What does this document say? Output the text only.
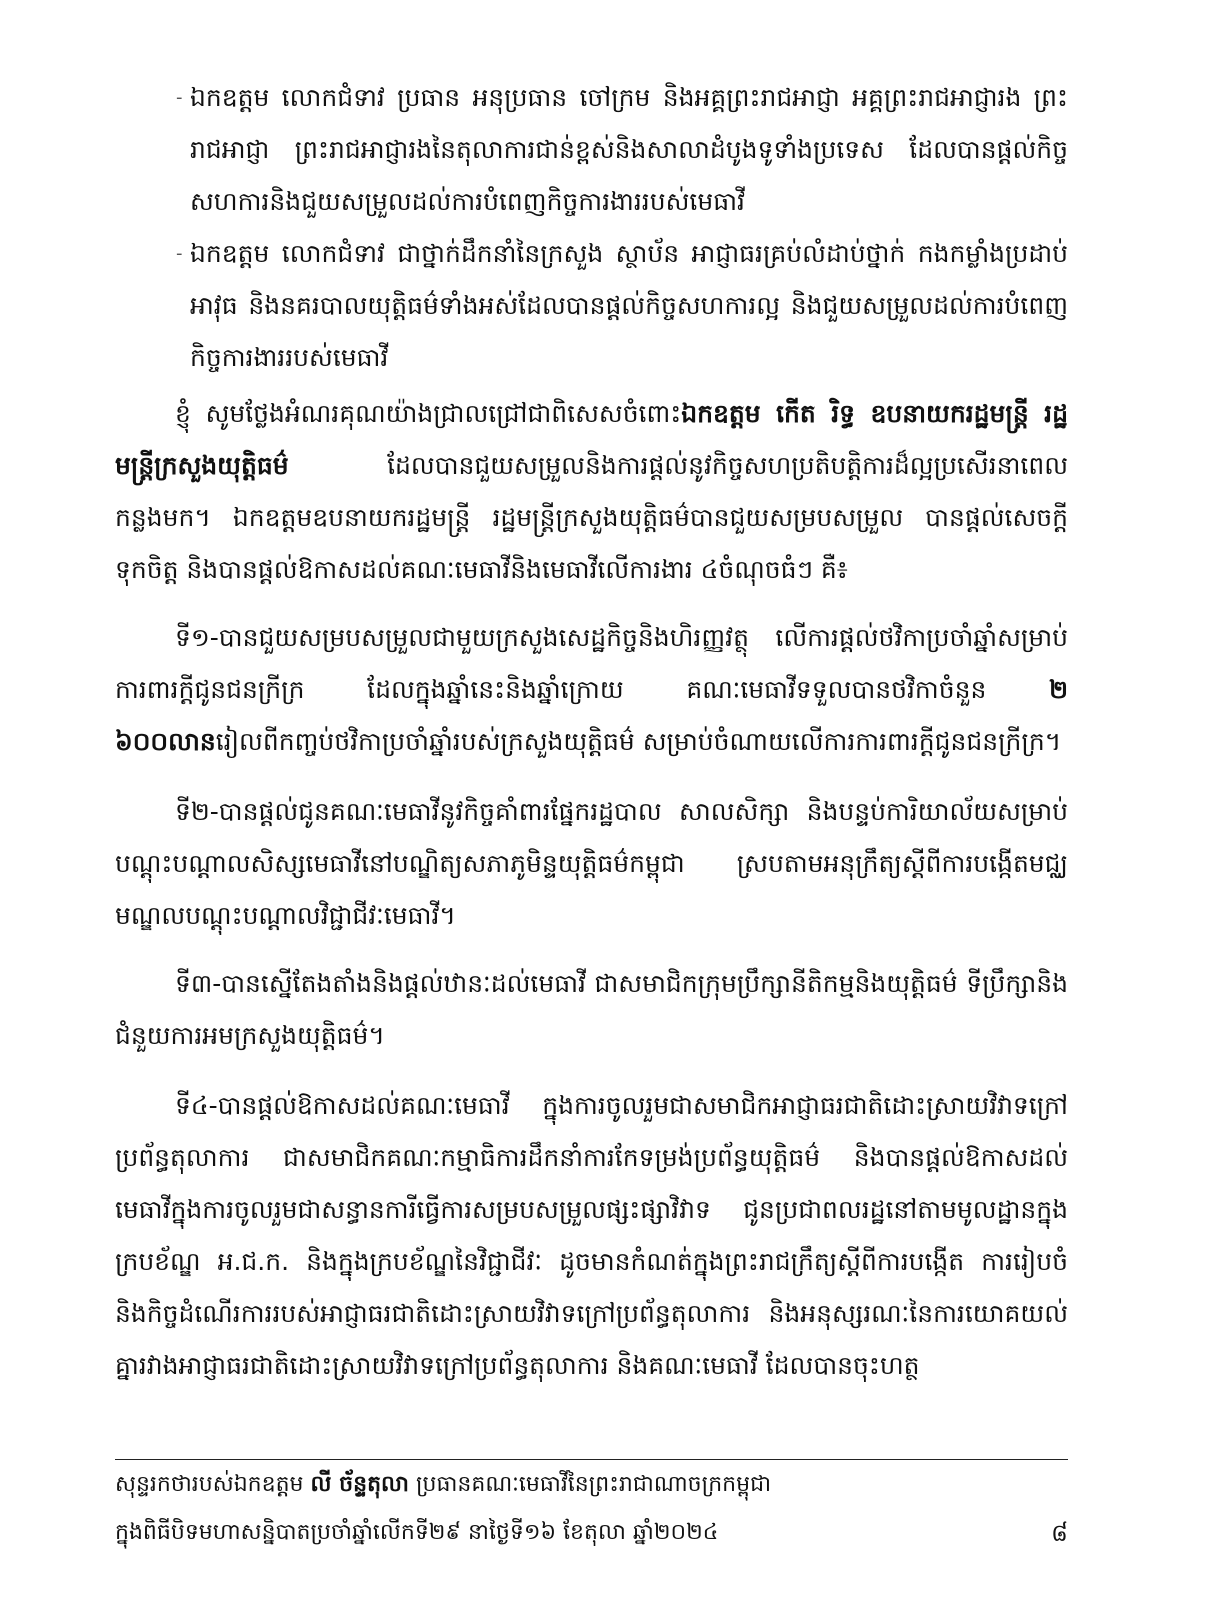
- ឯកឧត្តម លោកជំទាវ ប្រធាន អនុប្រធាន ចៅក្រម និងអគ្គព្រះរាជអាជ្ញា អគ្គព្រះរាជអាជ្ញារង ព្រះរាជអាជ្ញា ព្រះរាជអាជ្ញារងនៃតុលាការជាន់ខ្ពស់និងសាលាដំបូងទូទាំងប្រទេស ដែលបានផ្តល់កិច្ចសហការនិងជួយសម្រួលដល់ការបំពេញកិច្ចការងាររបស់មេធាវី
- ឯកឧត្តម លោកជំទាវ ជាថ្នាក់ដឹកនាំនៃក្រសួង ស្ថាប័ន អាជ្ញាធរគ្រប់លំដាប់ថ្នាក់ កងកម្លាំងប្រដាប់អាវុធ និងនគរបាលយុត្តិធម៌ទាំងអស់ដែលបានផ្តល់កិច្ចសហការល្អ និងជួយសម្រួលដល់ការបំពេញកិច្ចការងាររបស់មេធាវី
ខ្ញុំ សូមថ្លែងអំណរគុណយ៉ាងជ្រាលជ្រៅជាពិសេសចំពោះឯកឧត្តម កើត រិទ្ធ ឧបនាយករដ្ឋមន្ត្រី រដ្ឋមន្ត្រីក្រសួងយុត្តិធម៌ ដែលបានជួយសម្រួលនិងការផ្តល់នូវកិច្ចសហប្រតិបត្តិការដ៏ល្អប្រសើរនាពេលកន្លងមក។ ឯកឧត្តមឧបនាយករដ្ឋមន្ត្រី រដ្ឋមន្ត្រីក្រសួងយុត្តិធម៌បានជួយសម្របសម្រួល បានផ្តល់សេចក្តីទុកចិត្ត និងបានផ្តល់ឱកាសដល់គណៈមេធាវីនិងមេធាវីលើការងារ ៤ចំណុចធំៗ គឺ៖
ទី១-បានជួយសម្របសម្រួលជាមួយក្រសួងសេដ្ឋកិច្ចនិងហិរញ្ញវត្ថុ លើការផ្តល់ថវិកាប្រចាំឆ្នាំសម្រាប់ការពារក្តីជូនជនក្រីក្រ ដែលក្នុងឆ្នាំនេះនិងឆ្នាំក្រោយ គណៈមេធាវីទទួលបានថវិកាចំនួន ២ ៦០០លានរៀលពីកញ្ចប់ថវិកាប្រចាំឆ្នាំរបស់ក្រសួងយុត្តិធម៌ សម្រាប់ចំណាយលើការការពារក្តីជូនជនក្រីក្រ។
ទី២-បានផ្តល់ជូនគណៈមេធាវីនូវកិច្ចគាំពារផ្នែករដ្ឋបាល សាលសិក្សា និងបន្ទប់ការិយាល័យសម្រាប់បណ្តុះបណ្តាលសិស្សមេធាវីនៅបណ្ឌិត្យសភាភូមិន្ទយុត្តិធម៌កម្ពុជា ស្របតាមអនុក្រឹត្យស្តីពីការបង្កើតមជ្ឈមណ្ឌលបណ្តុះបណ្តាលវិជ្ជាជីវៈមេធាវី។
ទី៣-បានស្នើតែងតាំងនិងផ្តល់ឋានៈដល់មេធាវី ជាសមាជិកក្រុមប្រឹក្សានីតិកម្មនិងយុត្តិធម៌ ទីប្រឹក្សានិងជំនួយការអមក្រសួងយុត្តិធម៌។
ទី៤-បានផ្តល់ឱកាសដល់គណៈមេធាវី ក្នុងការចូលរួមជាសមាជិកអាជ្ញាធរជាតិដោះស្រាយវិវាទក្រៅប្រព័ន្ធតុលាការ ជាសមាជិកគណៈកម្មាធិការដឹកនាំការកែទម្រង់ប្រព័ន្ធយុត្តិធម៌ និងបានផ្តល់ឱកាសដល់មេធាវីក្នុងការចូលរួមជាសន្ធានការីធ្វើការសម្របសម្រួលផ្សះផ្សាវិវាទ ជូនប្រជាពលរដ្ឋនៅតាមមូលដ្ឋានក្នុងក្របខ័ណ្ឌ អ.ជ.ក. និងក្នុងក្របខ័ណ្ឌនៃវិជ្ជាជីវៈ ដូចមានកំណត់ក្នុងព្រះរាជក្រឹត្យស្តីពីការបង្កើត ការរៀបចំ និងកិច្ចដំណើរការរបស់អាជ្ញាធរជាតិដោះស្រាយវិវាទក្រៅប្រព័ន្ធតុលាការ និងអនុស្សរណៈនៃការយោគយល់គ្នារវាងអាជ្ញាធរជាតិដោះស្រាយវិវាទក្រៅប្រព័ន្ធតុលាការ និងគណៈមេធាវី ដែលបានចុះហត្ថ
សុន្ទរកថារបស់ឯកឧត្តម លី ច័ន្ទតុលា ប្រធានគណៈមេធាវីនៃព្រះរាជាណាចក្រកម្ពុជា
ក្នុងពិធីបិទមហាសន្និបាតប្រចាំឆ្នាំលើកទី២៩ នាថ្ងៃទី១៦ ខែតុលា ឆ្នាំ២០២៤	៨
